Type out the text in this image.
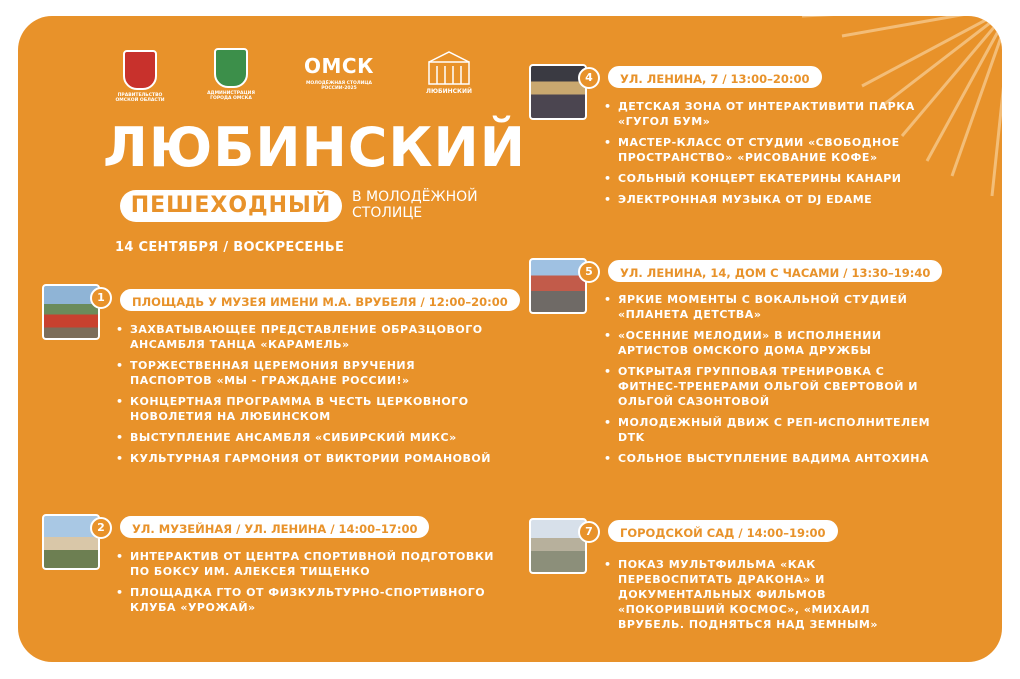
ПРАВИТЕЛЬСТВО ОМСКОЙ ОБЛАСТИ
АДМИНИСТРАЦИЯ ГОРОДА ОМСКА
ОМСК
МОЛОДЁЖНАЯ СТОЛИЦА РОССИИ·2025	ЛЮБИНСКИЙ
ЛЮБИНСКИЙ
ПЕШЕХОДНЫЙ	В МОЛОДЁЖНОЙ
СТОЛИЦЕ
14 СЕНТЯБРЯ / ВОСКРЕСЕНЬЕ
1	ПЛОЩАДЬ У МУЗЕЯ ИМЕНИ М.А. ВРУБЕЛЯ / 12:00–20:00
• ЗАХВАТЫВАЮЩЕЕ ПРЕДСТАВЛЕНИЕ ОБРАЗЦОВОГО АНСАМБЛЯ ТАНЦА «КАРАМЕЛЬ»
• ТОРЖЕСТВЕННАЯ ЦЕРЕМОНИЯ ВРУЧЕНИЯ ПАСПОРТОВ «МЫ - ГРАЖДАНЕ РОССИИ!»
• КОНЦЕРТНАЯ ПРОГРАММА В ЧЕСТЬ ЦЕРКОВНОГО НОВОЛЕТИЯ НА ЛЮБИНСКОМ
• ВЫСТУПЛЕНИЕ АНСАМБЛЯ «СИБИРСКИЙ МИКС»
• КУЛЬТУРНАЯ ГАРМОНИЯ ОТ ВИКТОРИИ РОМАНОВОЙ
2	УЛ. МУЗЕЙНАЯ / УЛ. ЛЕНИНА / 14:00–17:00
• ИНТЕРАКТИВ ОТ ЦЕНТРА СПОРТИВНОЙ ПОДГОТОВКИ ПО БОКСУ ИМ. АЛЕКСЕЯ ТИЩЕНКО
• ПЛОЩАДКА ГТО ОТ ФИЗКУЛЬТУРНО-СПОРТИВНОГО КЛУБА «УРОЖАЙ»
4	УЛ. ЛЕНИНА, 7 / 13:00–20:00
• ДЕТСКАЯ ЗОНА ОТ ИНТЕРАКТИВИТИ ПАРКА «ГУГОЛ БУМ»
• МАСТЕР-КЛАСС ОТ СТУДИИ «СВОБОДНОЕ ПРОСТРАНСТВО» «РИСОВАНИЕ КОФЕ»
• СОЛЬНЫЙ КОНЦЕРТ ЕКАТЕРИНЫ КАНАРИ
• ЭЛЕКТРОННАЯ МУЗЫКА ОТ DJ EDAME
5	УЛ. ЛЕНИНА, 14, ДОМ С ЧАСАМИ / 13:30–19:40
• ЯРКИЕ МОМЕНТЫ С ВОКАЛЬНОЙ СТУДИЕЙ «ПЛАНЕТА ДЕТСТВА»
• «ОСЕННИЕ МЕЛОДИИ» В ИСПОЛНЕНИИ АРТИСТОВ ОМСКОГО ДОМА ДРУЖБЫ
• ОТКРЫТАЯ ГРУППОВАЯ ТРЕНИРОВКА С ФИТНЕС-ТРЕНЕРАМИ ОЛЬГОЙ СВЕРТОВОЙ И ОЛЬГОЙ САЗОНТОВОЙ
• МОЛОДЕЖНЫЙ ДВИЖ С РЕП-ИСПОЛНИТЕЛЕМ DTK
• СОЛЬНОЕ ВЫСТУПЛЕНИЕ ВАДИМА АНТОХИНА
7	ГОРОДСКОЙ САД / 14:00–19:00
• ПОКАЗ МУЛЬТФИЛЬМА «КАК ПЕРЕВОСПИТАТЬ ДРАКОНА» И ДОКУМЕНТАЛЬНЫХ ФИЛЬМОВ «ПОКОРИВШИЙ КОСМОС», «МИХАИЛ ВРУБЕЛЬ. ПОДНЯТЬСЯ НАД ЗЕМНЫМ»
